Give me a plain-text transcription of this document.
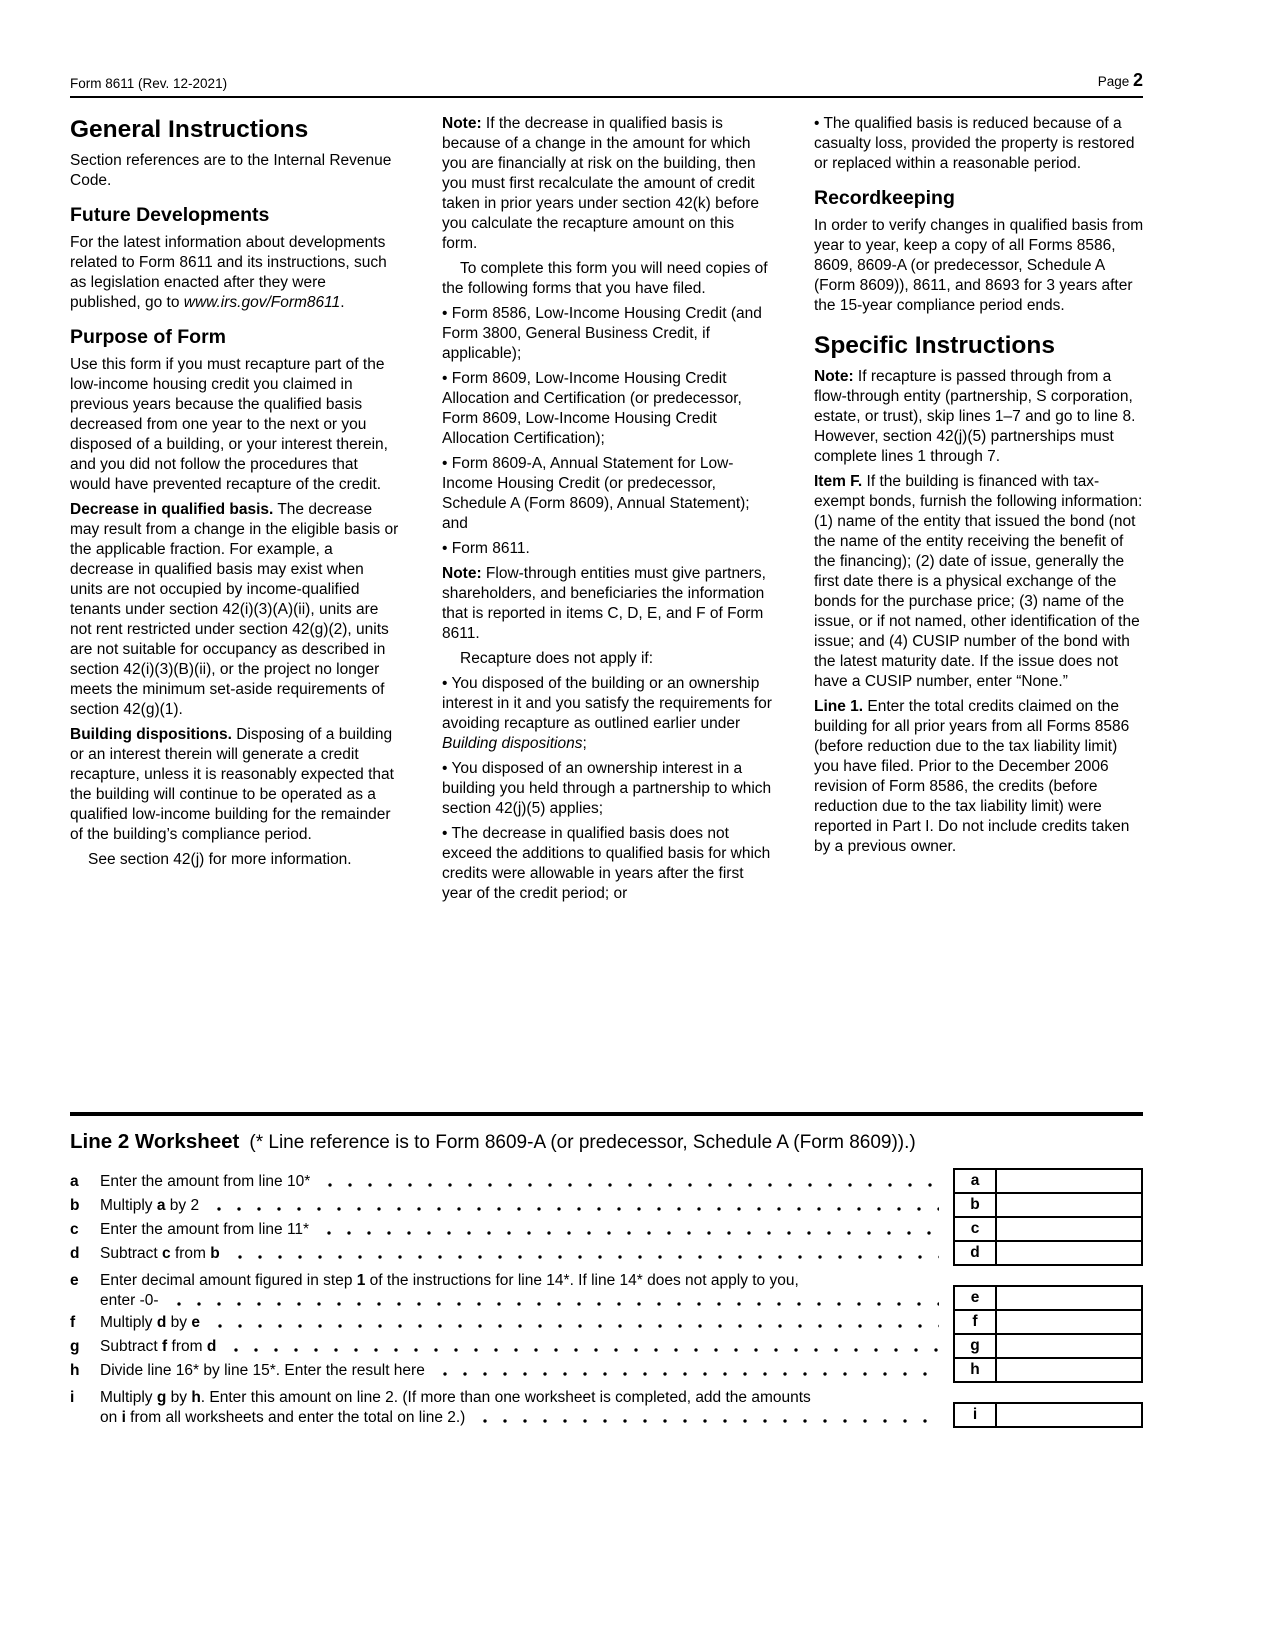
Form 8611 (Rev. 12-2021)	Page 2
General Instructions

Section references are to the Internal Revenue Code.

Future Developments

For the latest information about developments related to Form 8611 and its instructions, such as legislation enacted after they were published, go to www.irs.gov/Form8611.

Purpose of Form

Use this form if you must recapture part of the low-income housing credit you claimed in previous years because the qualified basis decreased from one year to the next or you disposed of a building, or your interest therein, and you did not follow the procedures that would have prevented recapture of the credit.

Decrease in qualified basis. The decrease may result from a change in the eligible basis or the applicable fraction. For example, a decrease in qualified basis may exist when units are not occupied by income-qualified tenants under section 42(i)(3)(A)(ii), units are not rent restricted under section 42(g)(2), units are not suitable for occupancy as described in section 42(i)(3)(B)(ii), or the project no longer meets the minimum set-aside requirements of section 42(g)(1).

Building dispositions. Disposing of a building or an interest therein will generate a credit recapture, unless it is reasonably expected that the building will continue to be operated as a qualified low-income building for the remainder of the building’s compliance period.

See section 42(j) for more information.

Note: If the decrease in qualified basis is because of a change in the amount for which you are financially at risk on the building, then you must first recalculate the amount of credit taken in prior years under section 42(k) before you calculate the recapture amount on this form.

To complete this form you will need copies of the following forms that you have filed.

• Form 8586, Low-Income Housing Credit (and Form 3800, General Business Credit, if applicable);

• Form 8609, Low-Income Housing Credit Allocation and Certification (or predecessor, Form 8609, Low-Income Housing Credit Allocation Certification);

• Form 8609-A, Annual Statement for Low-Income Housing Credit (or predecessor, Schedule A (Form 8609), Annual Statement); and

• Form 8611.

Note: Flow-through entities must give partners, shareholders, and beneficiaries the information that is reported in items C, D, E, and F of Form 8611.

Recapture does not apply if:

• You disposed of the building or an ownership interest in it and you satisfy the requirements for avoiding recapture as outlined earlier under Building dispositions;

• You disposed of an ownership interest in a building you held through a partnership to which section 42(j)(5) applies;

• The decrease in qualified basis does not exceed the additions to qualified basis for which credits were allowable in years after the first year of the credit period; or

• The qualified basis is reduced because of a casualty loss, provided the property is restored or replaced within a reasonable period.

Recordkeeping

In order to verify changes in qualified basis from year to year, keep a copy of all Forms 8586, 8609, 8609-A (or predecessor, Schedule A (Form 8609)), 8611, and 8693 for 3 years after the 15-year compliance period ends.

Specific Instructions

Note: If recapture is passed through from a flow-through entity (partnership, S corporation, estate, or trust), skip lines 1–7 and go to line 8. However, section 42(j)(5) partnerships must complete lines 1 through 7.

Item F. If the building is financed with tax-exempt bonds, furnish the following information: (1) name of the entity that issued the bond (not the name of the entity receiving the benefit of the financing); (2) date of issue, generally the first date there is a physical exchange of the bonds for the purchase price; (3) name of the issue, or if not named, other identification of the issue; and (4) CUSIP number of the bond with the latest maturity date. If the issue does not have a CUSIP number, enter “None.”

Line 1. Enter the total credits claimed on the building for all prior years from all Forms 8586 (before reduction due to the tax liability limit) you have filed. Prior to the December 2006 revision of Form 8586, the credits (before reduction due to the tax liability limit) were reported in Part I. Do not include credits taken by a previous owner.

Line 2 Worksheet (* Line reference is to Form 8609-A (or predecessor, Schedule A (Form 8609)).)
a	Enter the amount from line 10*	a
b	Multiply a by 2	b
c	Enter the amount from line 11*	c
d	Subtract c from b	d
e	Enter decimal amount figured in step 1 of the instructions for line 14*. If line 14* does not apply to you,
enter -0-	e
f	Multiply d by e	f
g	Subtract f from d	g
h	Divide line 16* by line 15*. Enter the result here	h
i	Multiply g by h. Enter this amount on line 2. (If more than one worksheet is completed, add the amounts
on i from all worksheets and enter the total on line 2.)	i
